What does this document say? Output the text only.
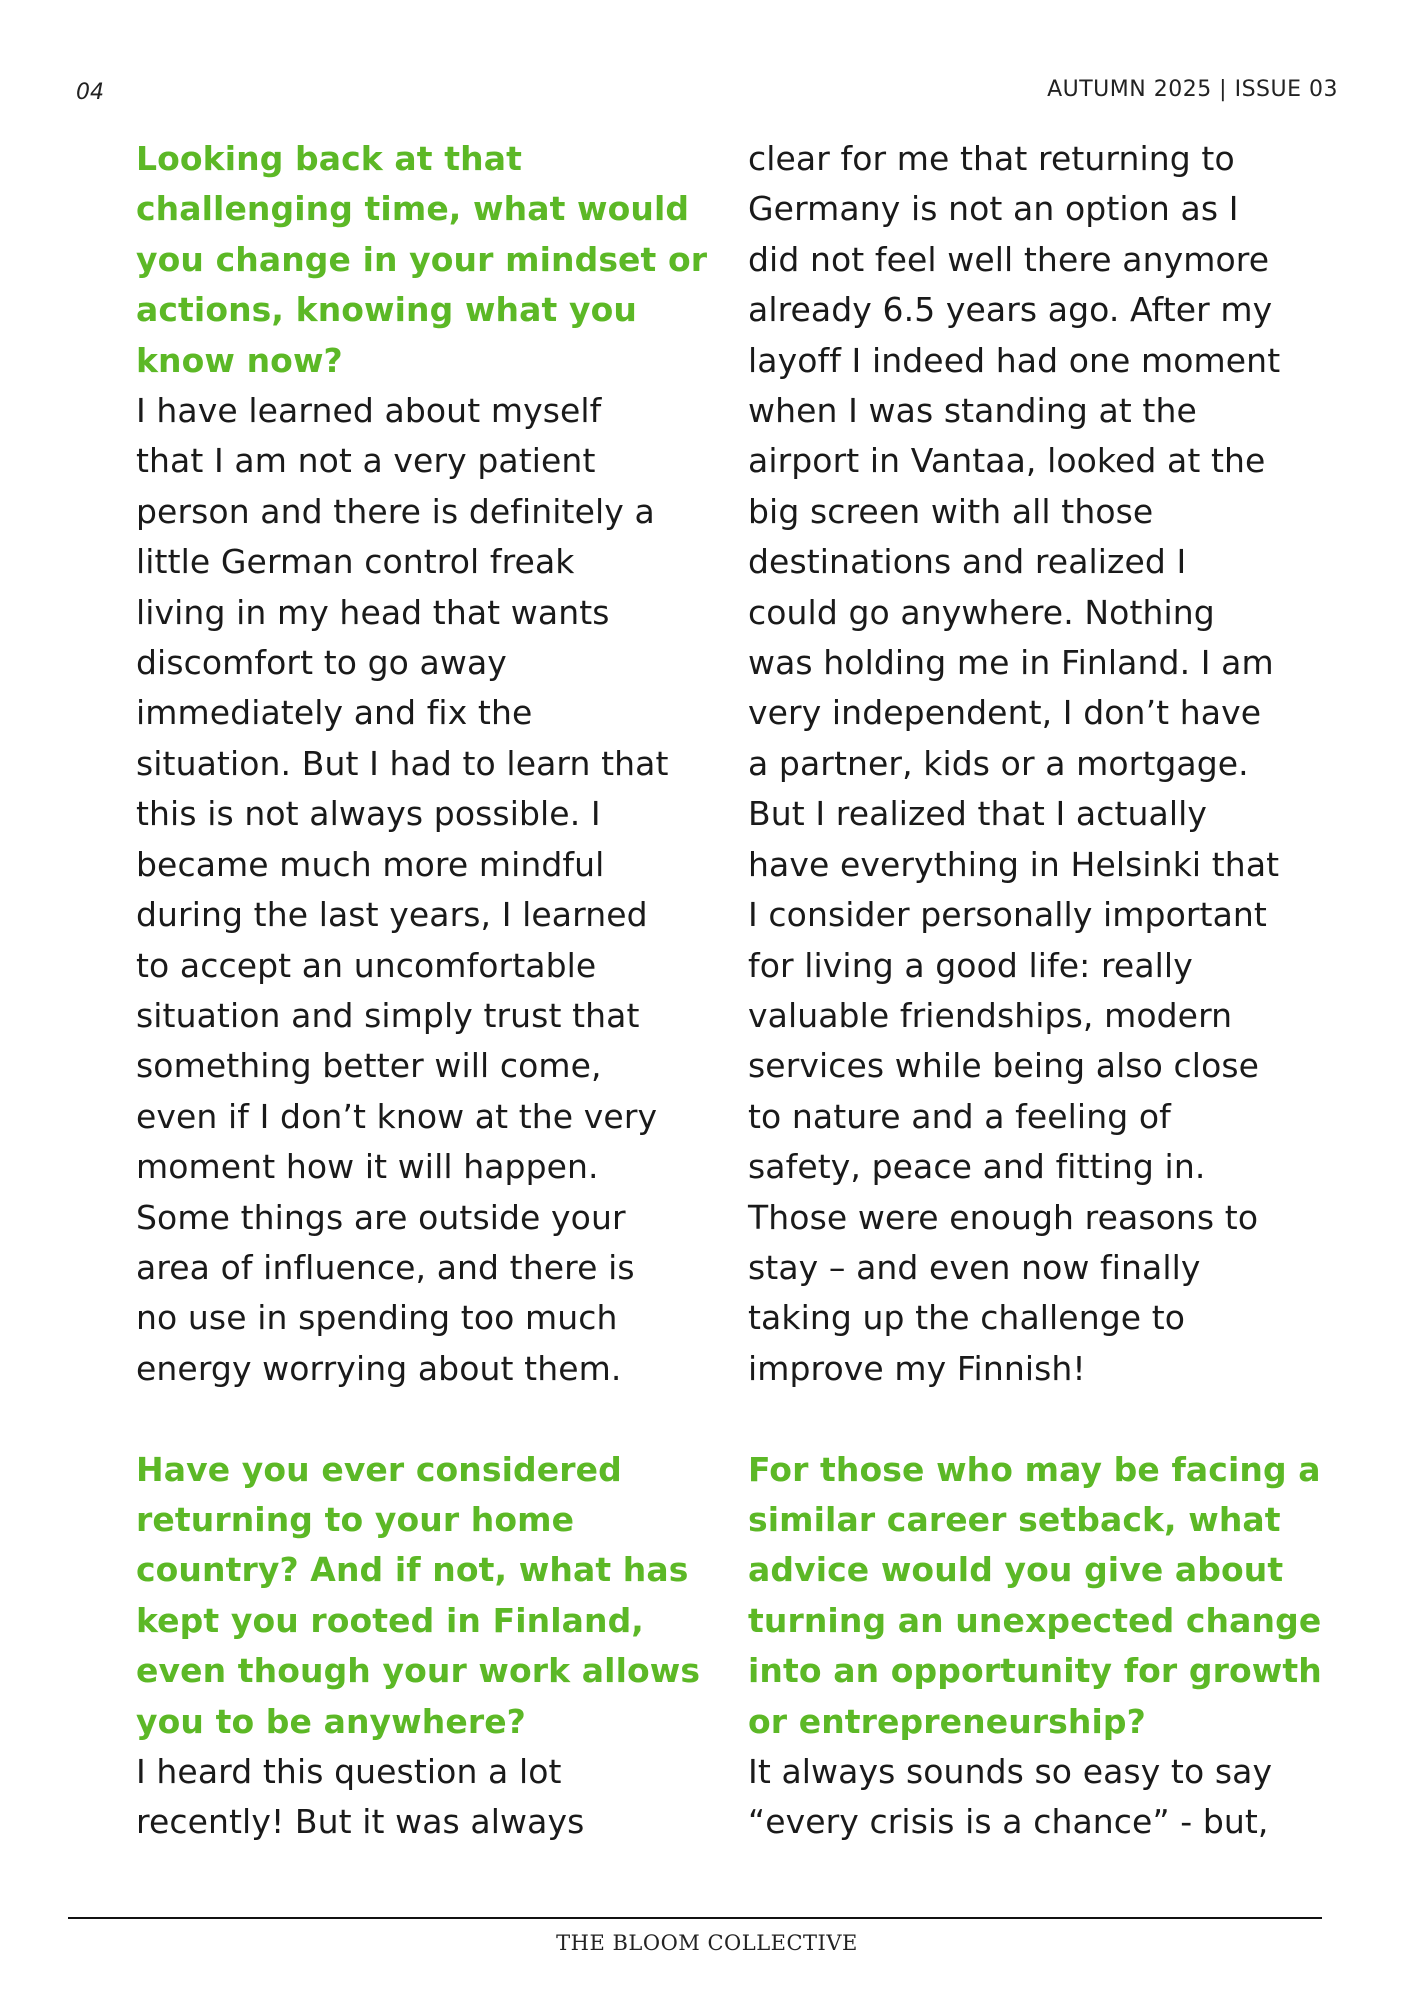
04	AUTUMN 2025 | ISSUE 03

Looking back at that
challenging time, what would
you change in your mindset or
actions, knowing what you
know now?

I have learned about myself
that I am not a very patient
person and there is definitely a
little German control freak
living in my head that wants
discomfort to go away
immediately and fix the
situation. But I had to learn that
this is not always possible. I
became much more mindful
during the last years, I learned
to accept an uncomfortable
situation and simply trust that
something better will come,
even if I don’t know at the very
moment how it will happen.
Some things are outside your
area of influence, and there is
no use in spending too much
energy worrying about them.

Have you ever considered
returning to your home
country? And if not, what has
kept you rooted in Finland,
even though your work allows
you to be anywhere?

I heard this question a lot
recently! But it was always

clear for me that returning to
Germany is not an option as I
did not feel well there anymore
already 6.5 years ago. After my
layoff I indeed had one moment
when I was standing at the
airport in Vantaa, looked at the
big screen with all those
destinations and realized I
could go anywhere. Nothing
was holding me in Finland. I am
very independent, I don’t have
a partner, kids or a mortgage.
But I realized that I actually
have everything in Helsinki that
I consider personally important
for living a good life: really
valuable friendships, modern
services while being also close
to nature and a feeling of
safety, peace and fitting in.
Those were enough reasons to
stay – and even now finally
taking up the challenge to
improve my Finnish!

For those who may be facing a
similar career setback, what
advice would you give about
turning an unexpected change
into an opportunity for growth
or entrepreneurship?

It always sounds so easy to say
“every crisis is a chance” - but,

THE BLOOM COLLECTIVE
